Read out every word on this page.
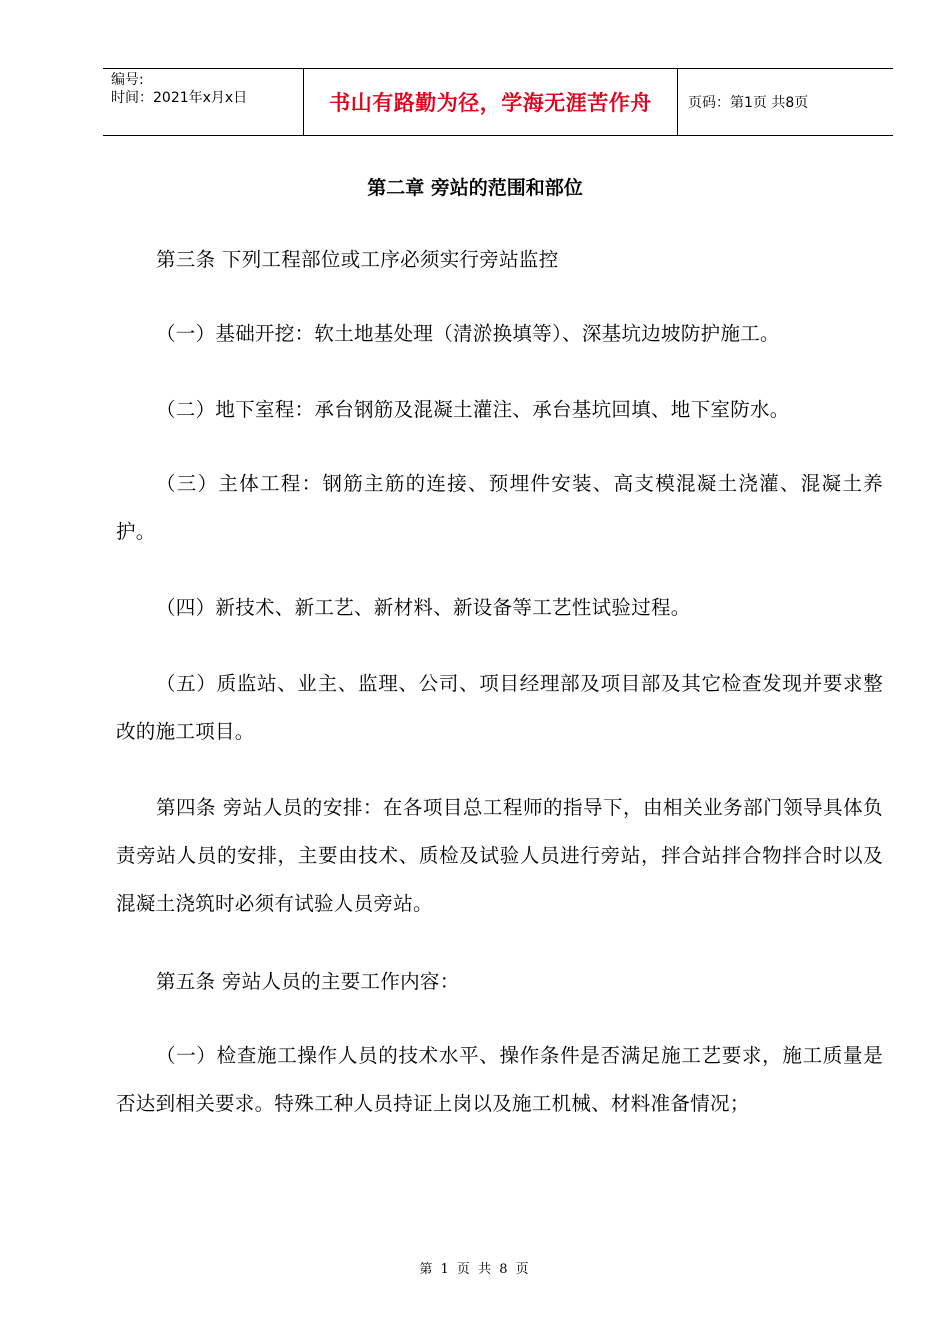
编号:
时间：2021年x月x日	书山有路勤为径，学海无涯苦作舟	页码：第1页 共8页
第二章 旁站的范围和部位
第三条 下列工程部位或工序必须实行旁站监控
（一）基础开挖：软土地基处理（清淤换填等）、深基坑边坡防护施工。
（二）地下室程：承台钢筋及混凝土灌注、承台基坑回填、地下室防水。
（三）主体工程：钢筋主筋的连接、预埋件安装、高支模混凝土浇灌、混凝土养护。
（四）新技术、新工艺、新材料、新设备等工艺性试验过程。
（五）质监站、业主、监理、公司、项目经理部及项目部及其它检查发现并要求整改的施工项目。
第四条 旁站人员的安排：在各项目总工程师的指导下，由相关业务部门领导具体负责旁站人员的安排，主要由技术、质检及试验人员进行旁站，拌合站拌合物拌合时以及混凝土浇筑时必须有试验人员旁站。
第五条 旁站人员的主要工作内容：
（一）检查施工操作人员的技术水平、操作条件是否满足施工艺要求，施工质量是否达到相关要求。特殊工种人员持证上岗以及施工机械、材料准备情况；
第 1 页 共 8 页
